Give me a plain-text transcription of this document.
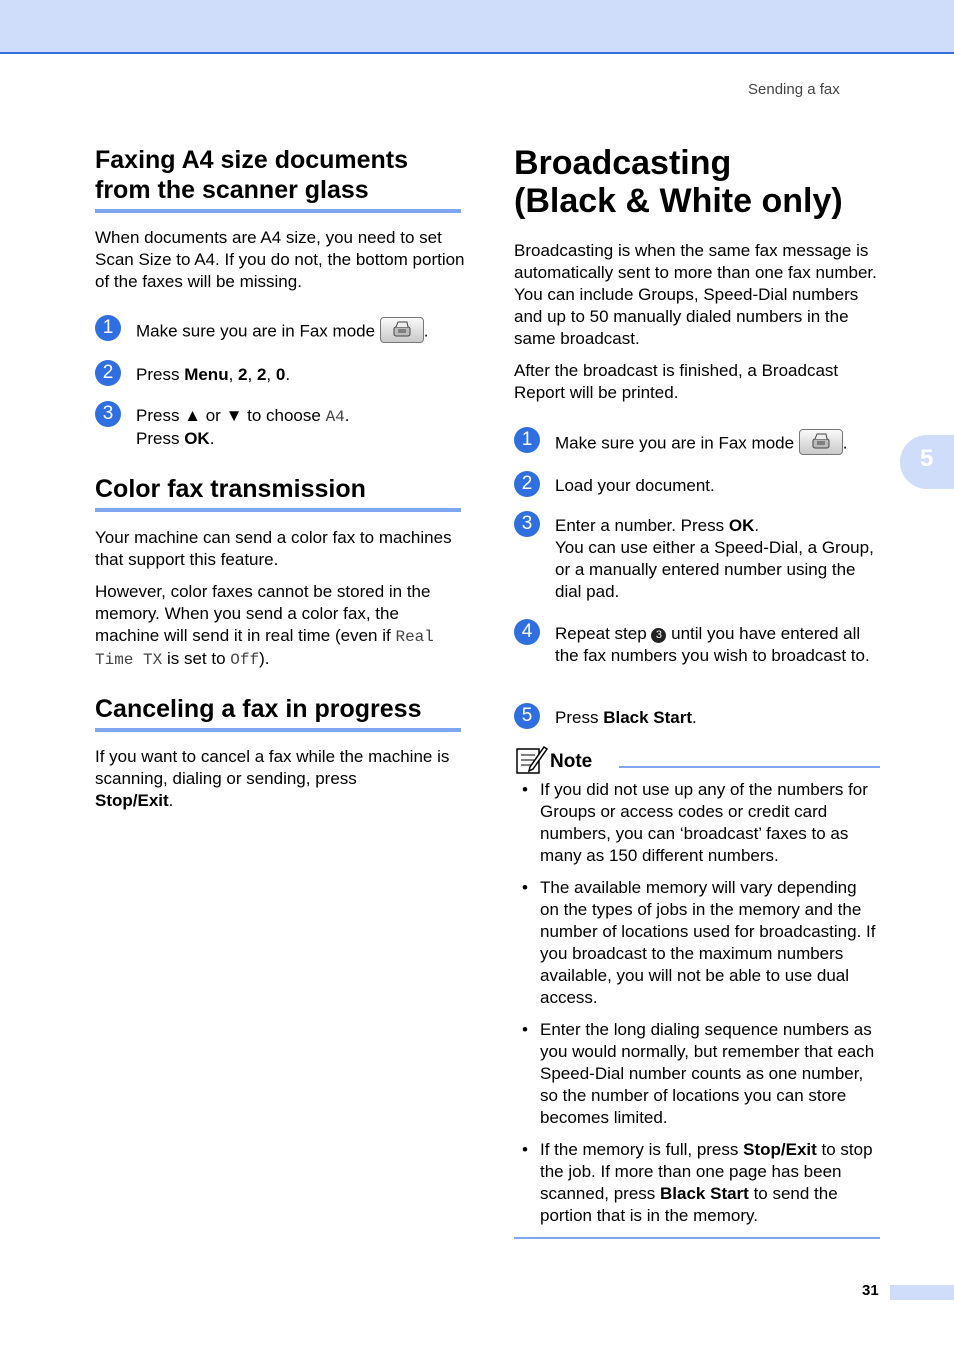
Sending a fax
5
Faxing A4 size documents
from the scanner glass

When documents are A4 size, you need to set Scan Size to A4. If you do not, the bottom portion of the faxes will be missing.

1	Make sure you are in Fax mode	.
2	Press Menu, 2, 2, 0.
3	Press ▲ or ▼ to choose A4.
Press OK.
Color fax transmission

Your machine can send a color fax to machines that support this feature.

However, color faxes cannot be stored in the memory. When you send a color fax, the machine will send it in real time (even if Real Time TX is set to Off).

Canceling a fax in progress

If you want to cancel a fax while the machine is scanning, dialing or sending, press
Stop/Exit.

Broadcasting
(Black & White only)

Broadcasting is when the same fax message is automatically sent to more than one fax number. You can include Groups, Speed-Dial numbers and up to 50 manually dialed numbers in the same broadcast.

After the broadcast is finished, a Broadcast Report will be printed.

1	Make sure you are in Fax mode	.
2	Load your document.
3	Enter a number. Press OK.
You can use either a Speed-Dial, a Group, or a manually entered number using the dial pad.
4	Repeat step 3 until you have entered all the fax numbers you wish to broadcast to.
5	Press Black Start.
Note
• If you did not use up any of the numbers for Groups or access codes or credit card numbers, you can ‘broadcast’ faxes to as many as 150 different numbers.
• The available memory will vary depending on the types of jobs in the memory and the number of locations used for broadcasting. If you broadcast to the maximum numbers available, you will not be able to use dual access.
• Enter the long dialing sequence numbers as you would normally, but remember that each Speed-Dial number counts as one number, so the number of locations you can store becomes limited.
• If the memory is full, press Stop/Exit to stop the job. If more than one page has been scanned, press Black Start to send the portion that is in the memory.
31
